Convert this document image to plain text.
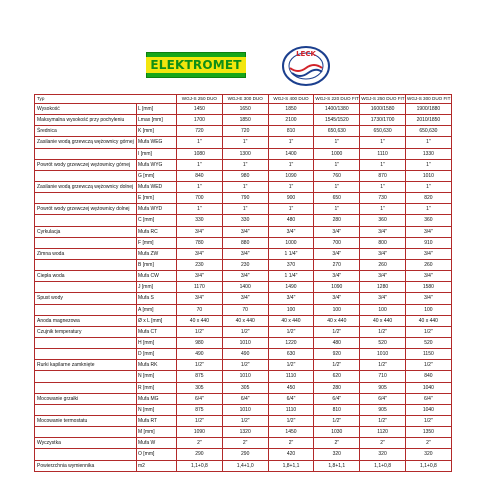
ELEKTROMET
LECK
Typ		WGJ-S 250 DUO	WGJ-E 300 DUO	WGJ-S 400 DUO	WGJ-S 220 DUO FIT	WGJ-S 250 DUO FIT	WGJ-S 300 DUO FIT
Wysokość	L [mm]	1450	1650	1850	1400/1380	1600/1580	1900/1880
Maksymalna wysokość przy pochyleniu	Lmax [mm]	1700	1850	2100	1545/1520	1730/1700	2010/1850
Średnica	K [mm]	720	720	810	650,630	650,630	650,630
Zasilanie wodą grzewczą wężownicy górnej	Mufa WEG	1"	1"	1"	1"	1"	1"
	I [mm]	1080	1300	1400	1000	1110	1330
Powrót wody grzewczej wężownicy górnej	Mufa WYG	1"	1"	1"	1"	1"	1"
	G [mm]	840	980	1090	760	870	1010
Zasilanie wodą grzewczą wężownicy dolnej	Mufa WED	1"	1"	1"	1"	1"	1"
	E [mm]	700	790	900	650	730	820
Powrót wody grzewczej wężownicy dolnej	Mufa WYD	1"	1"	1"	1"	1"	1"
	C [mm]	330	330	480	280	360	360
Cyrkulacja	Mufa RC	3/4"	3/4"	3/4"	3/4"	3/4"	3/4"
	F [mm]	780	880	1000	700	800	910
Zimna woda	Mufa ZW	3/4"	3/4"	1 1/4"	3/4"	3/4"	3/4"
	B [mm]	230	230	370	270	260	260
Ciepła woda	Mufa CW	3/4"	3/4"	1 1/4"	3/4"	3/4"	3/4"
	J [mm]	1170	1400	1490	1090	1280	1580
Spust wody	Mufa S	3/4"	3/4"	3/4"	3/4"	3/4"	3/4"
	A [mm]	70	70	100	100	100	100
Anoda magnezowa	Ø x L [mm]	40 x 440	40 x 440	40 x 440	40 x 440	40 x 440	40 x 440
Czujnik temperatury	Mufa CT	1/2"	1/2"	1/2"	1/2"	1/2"	1/2"
	H [mm]	980	1010	1220	480	520	520
	D [mm]	490	490	630	920	1010	1150
Rurki kapilarne zamknięte	Mufa RK	1/2"	1/2"	1/2"	1/2"	1/2"	1/2"
	N [mm]	875	1010	1110	620	710	840
	R [mm]	305	305	450	280	905	1040
Mocowanie grzałki	Mufa MG	6/4"	6/4"	6/4"	6/4"	6/4"	6/4"
	N [mm]	875	1010	1110	810	905	1040
Mocowanie termostatu	Mufa RT	1/2"	1/2"	1/2"	1/2"	1/2"	1/2"
	M [mm]	1090	1320	1450	1030	1120	1350
Wyczystka	Mufa W	2"	2"	2"	2"	2"	2"
	O [mm]	290	290	420	320	320	320
Powierzchnia wymiennika	m2	1,1+0,8	1,4+1,0	1,8+1,1	1,8+1,1	1,1+0,8	1,1+0,8
